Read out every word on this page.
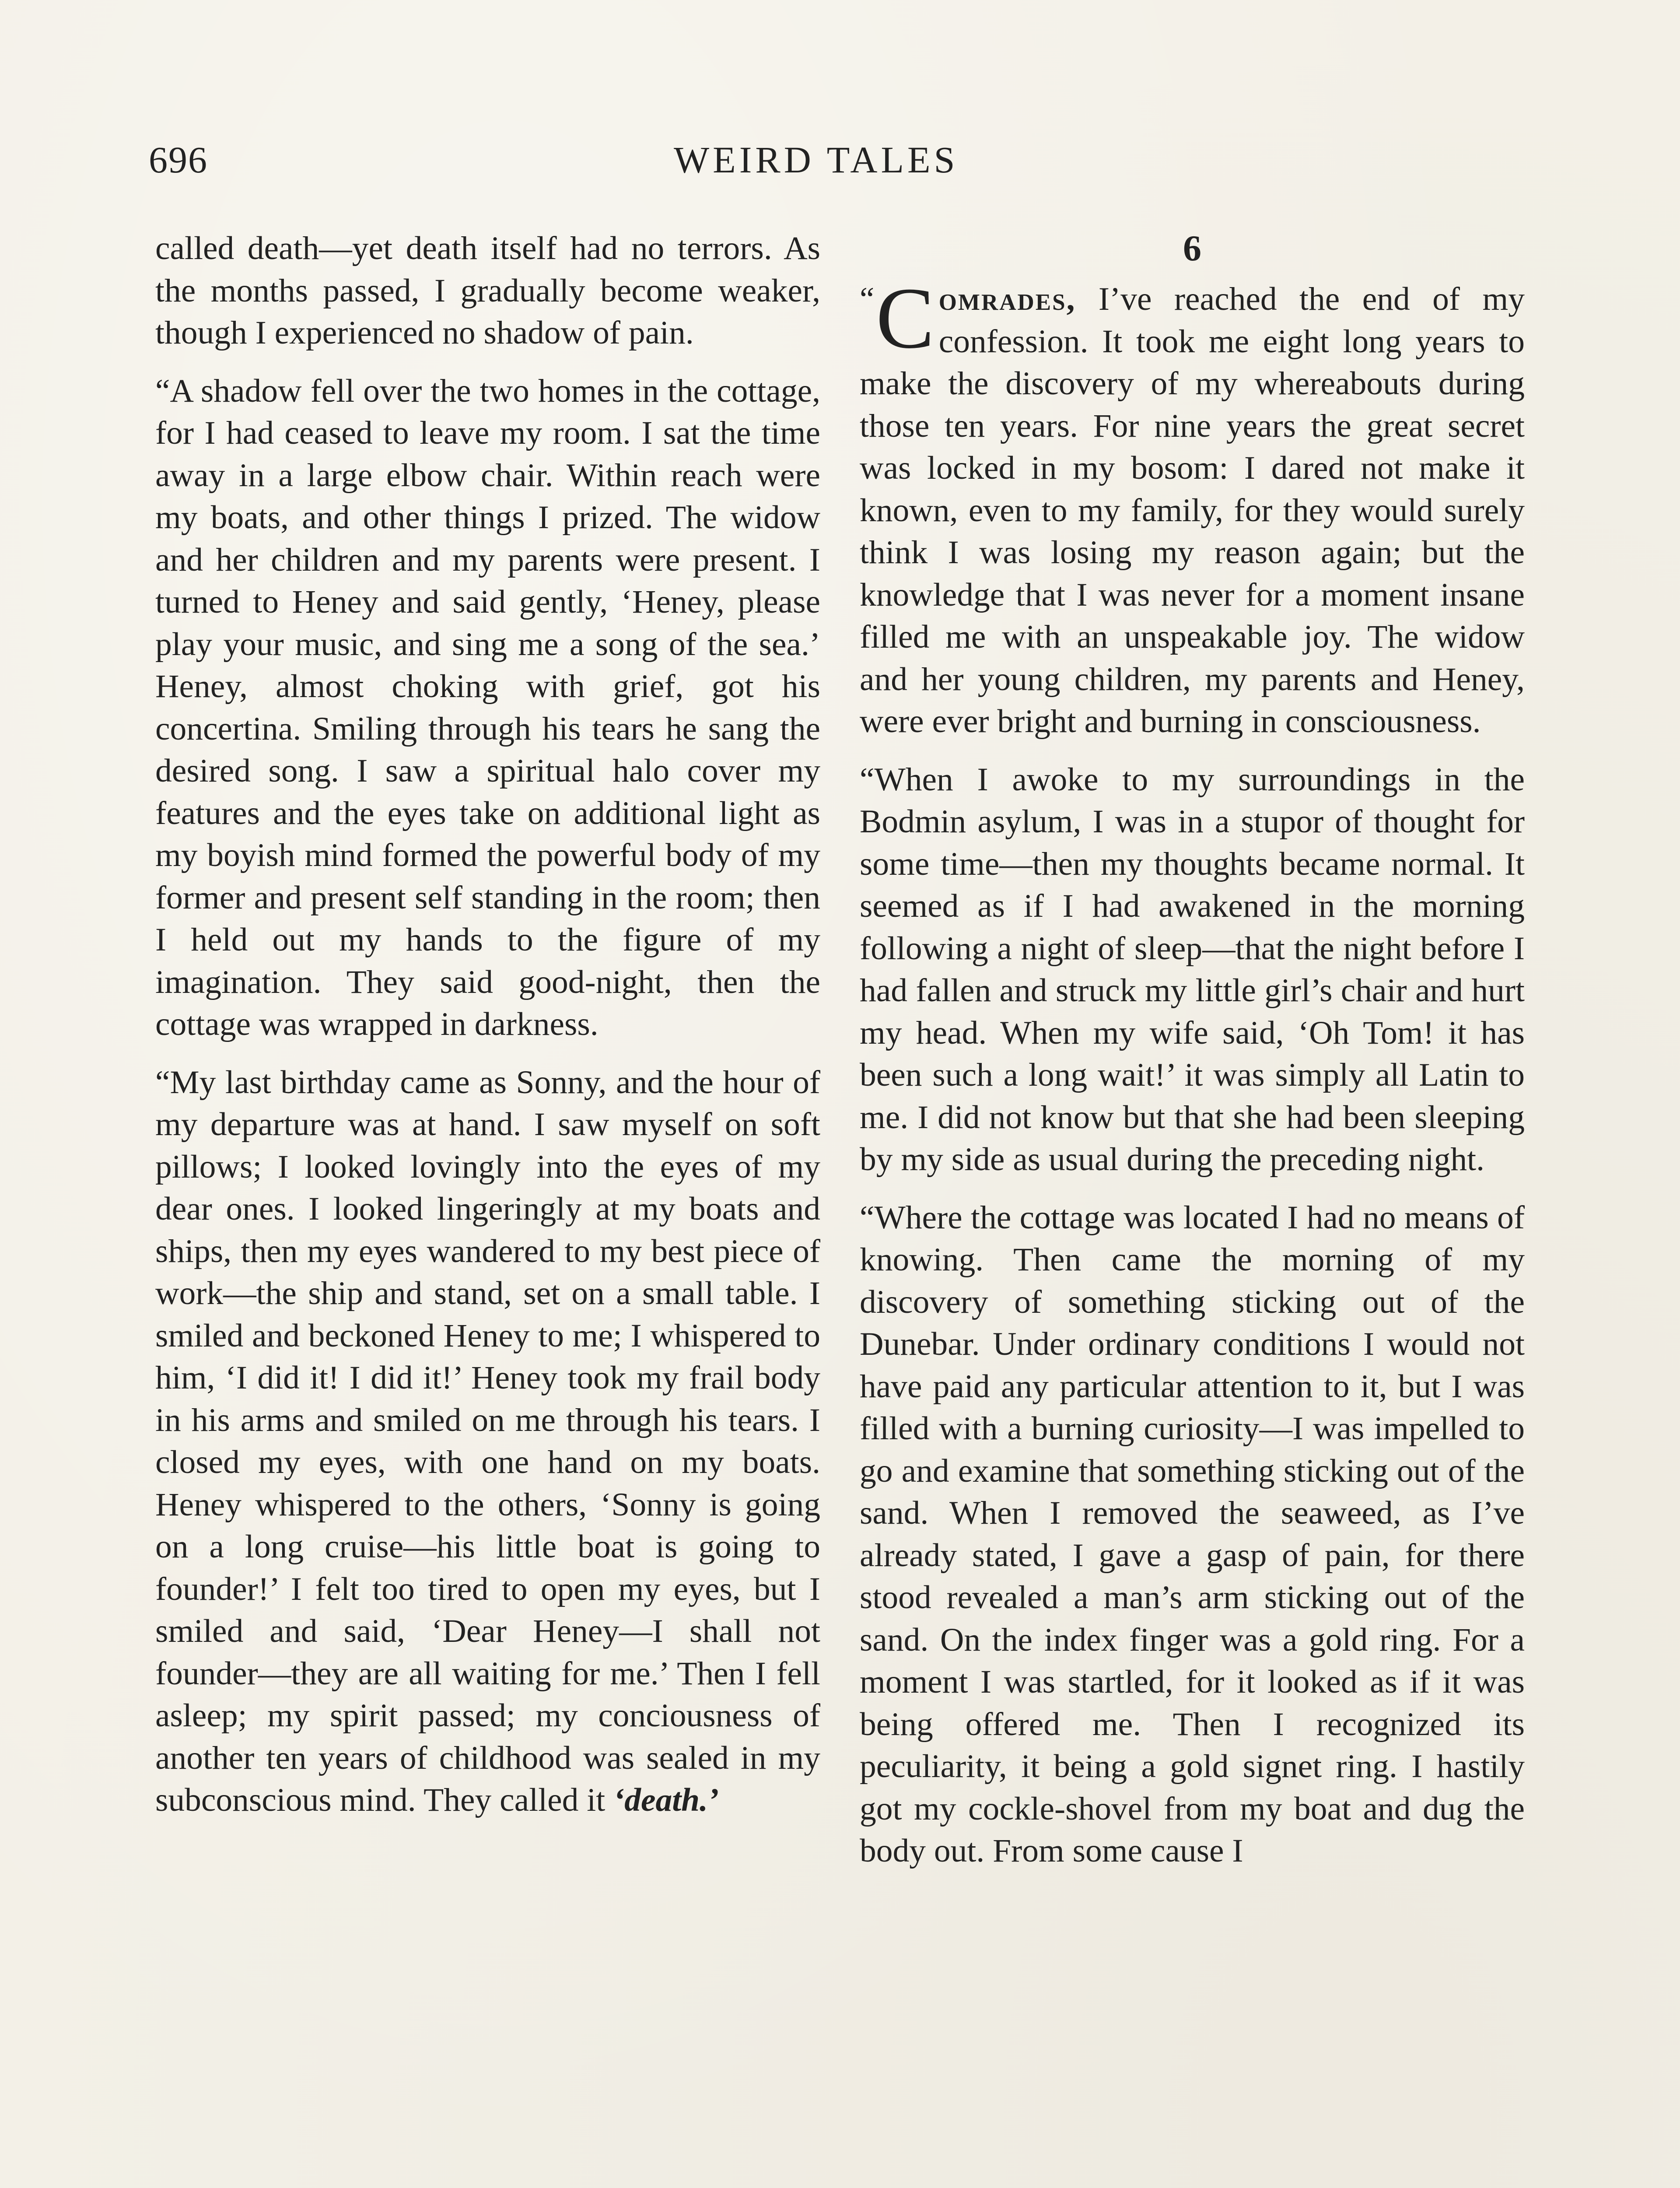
696	WEIRD TALES

called death—yet death itself had no terrors. As the months passed, I gradually become weaker, though I experienced no shadow of pain.

“A shadow fell over the two homes in the cottage, for I had ceased to leave my room. I sat the time away in a large elbow chair. Within reach were my boats, and other things I prized. The widow and her children and my parents were present. I turned to Heney and said gently, ‘Heney, please play your music, and sing me a song of the sea.’ Heney, almost choking with grief, got his concertina. Smiling through his tears he sang the desired song. I saw a spiritual halo cover my features and the eyes take on additional light as my boyish mind formed the powerful body of my former and present self standing in the room; then I held out my hands to the figure of my imagination. They said good-night, then the cottage was wrapped in darkness.

“My last birthday came as Sonny, and the hour of my departure was at hand. I saw myself on soft pillows; I looked lovingly into the eyes of my dear ones. I looked lingeringly at my boats and ships, then my eyes wandered to my best piece of work—the ship and stand, set on a small table. I smiled and beckoned Heney to me; I whispered to him, ‘I did it! I did it!’ Heney took my frail body in his arms and smiled on me through his tears. I closed my eyes, with one hand on my boats. Heney whispered to the others, ‘Sonny is going on a long cruise—his little boat is going to founder!’ I felt too tired to open my eyes, but I smiled and said, ‘Dear Heney—I shall not founder—they are all waiting for me.’ Then I fell asleep; my spirit passed; my conciousness of another ten years of childhood was sealed in my subconscious mind. They called it ‘death.’

6

“ C omrades, I’ve reached the end of my confession. It took me eight long years to make the discovery of my whereabouts during those ten years. For nine years the great secret was locked in my bosom: I dared not make it known, even to my family, for they would surely think I was losing my reason again; but the knowledge that I was never for a moment insane filled me with an unspeakable joy. The widow and her young children, my parents and Heney, were ever bright and burning in consciousness.

“When I awoke to my surroundings in the Bodmin asylum, I was in a stupor of thought for some time—then my thoughts became normal. It seemed as if I had awakened in the morning following a night of sleep—that the night before I had fallen and struck my little girl’s chair and hurt my head. When my wife said, ‘Oh Tom! it has been such a long wait!’ it was simply all Latin to me. I did not know but that she had been sleeping by my side as usual during the preceding night.

“Where the cottage was located I had no means of knowing. Then came the morning of my discovery of something sticking out of the Dunebar. Under ordinary conditions I would not have paid any particular attention to it, but I was filled with a burning curiosity—I was impelled to go and examine that something sticking out of the sand. When I removed the seaweed, as I’ve already stated, I gave a gasp of pain, for there stood revealed a man’s arm sticking out of the sand. On the index finger was a gold ring. For a moment I was startled, for it looked as if it was being offered me. Then I recognized its peculiarity, it being a gold signet ring. I hastily got my cockle-shovel from my boat and dug the body out. From some cause I
